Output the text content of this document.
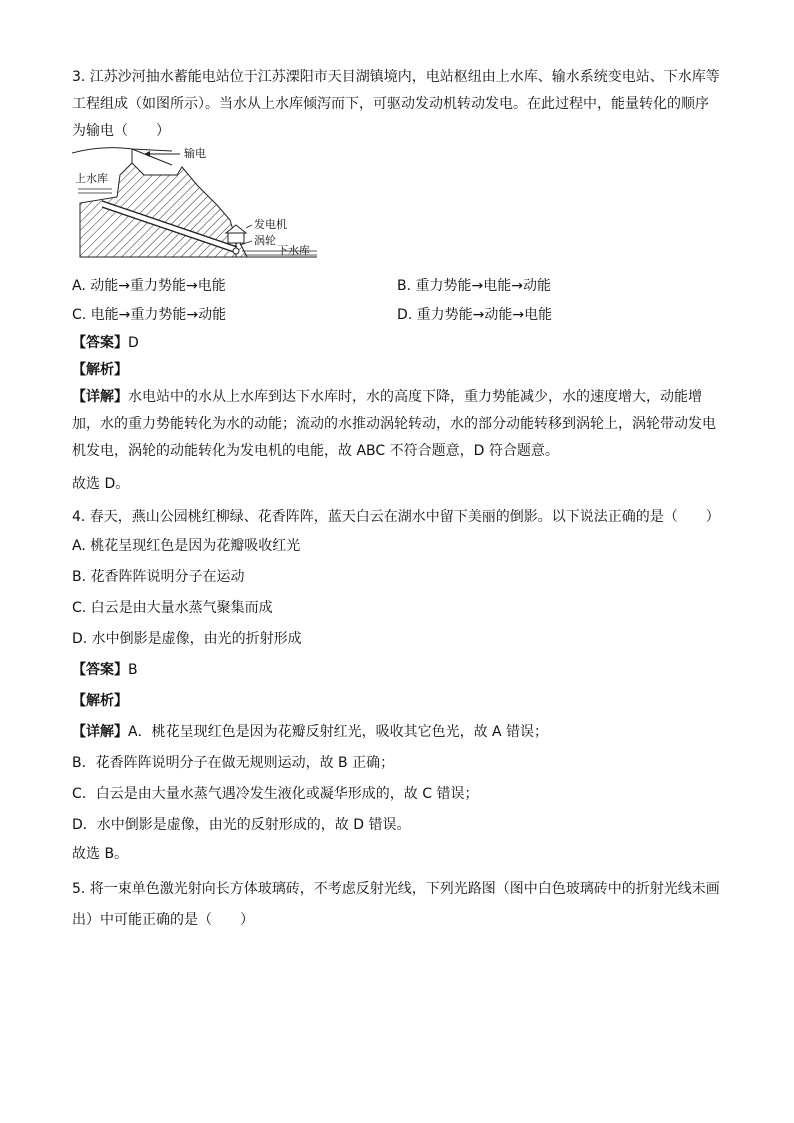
3. 江苏沙河抽水蓄能电站位于江苏溧阳市天目湖镇境内，电站枢纽由上水库、输水系统变电站、下水库等
工程组成（如图所示）。当水从上水库倾泻而下，可驱动发动机转动发电。在此过程中，能量转化的顺序
为输电（　　）
输电
上水库
发电机
涡轮
下水库
A. 动能→重力势能→电能	B. 重力势能→电能→动能
C. 电能→重力势能→动能	D. 重力势能→动能→电能
【答案】D
【解析】
【详解】水电站中的水从上水库到达下水库时，水的高度下降，重力势能减少，水的速度增大，动能增
加，水的重力势能转化为水的动能；流动的水推动涡轮转动，水的部分动能转移到涡轮上，涡轮带动发电
机发电，涡轮的动能转化为发电机的电能，故 ABC 不符合题意，D 符合题意。
故选 D。
4. 春天，燕山公园桃红柳绿、花香阵阵，蓝天白云在湖水中留下美丽的倒影。以下说法正确的是（　　）
A. 桃花呈现红色是因为花瓣吸收红光
B. 花香阵阵说明分子在运动
C. 白云是由大量水蒸气聚集而成
D. 水中倒影是虚像，由光的折射形成
【答案】B
【解析】
【详解】A．桃花呈现红色是因为花瓣反射红光，吸收其它色光，故 A 错误；
B．花香阵阵说明分子在做无规则运动，故 B 正确；
C．白云是由大量水蒸气遇冷发生液化或凝华形成的，故 C 错误；
D．水中倒影是虚像，由光的反射形成的，故 D 错误。
故选 B。
5. 将一束单色激光射向长方体玻璃砖，不考虑反射光线，下列光路图（图中白色玻璃砖中的折射光线未画
出）中可能正确的是（　　）
